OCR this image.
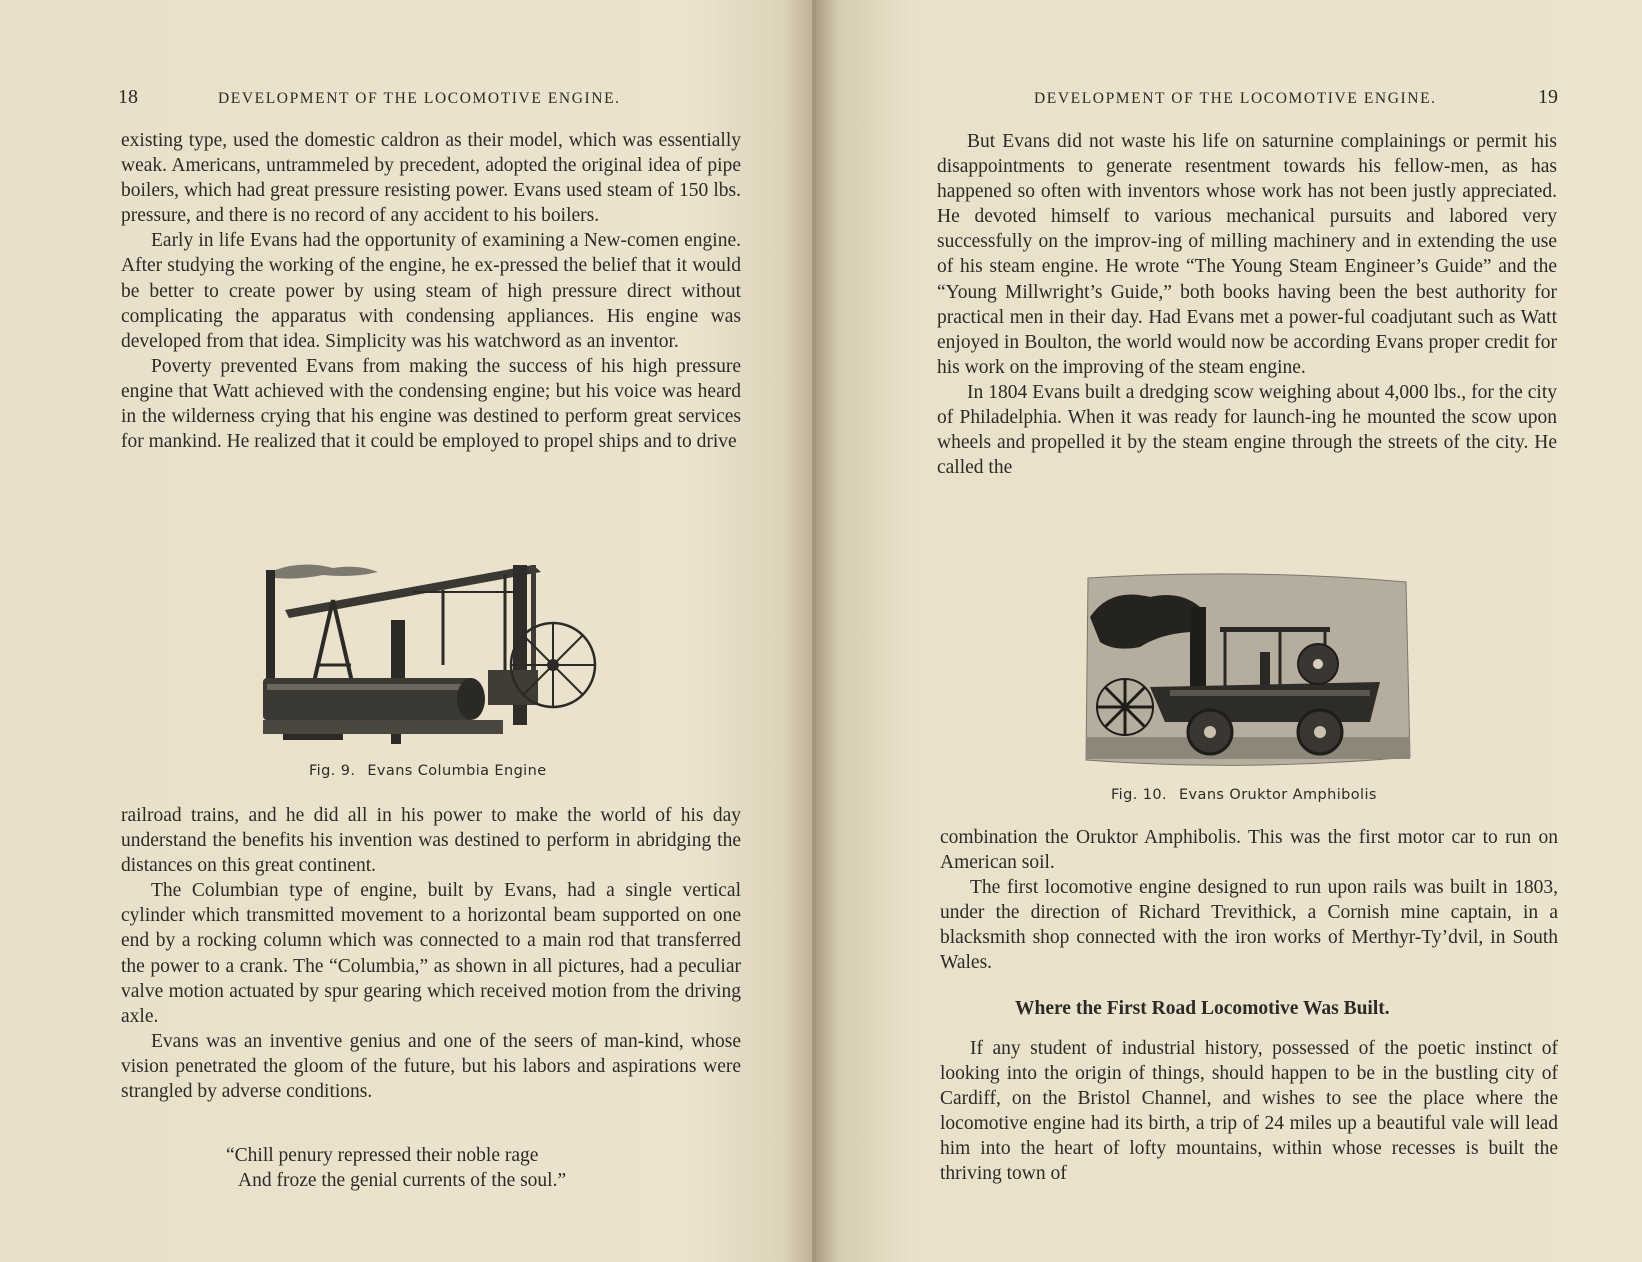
18	DEVELOPMENT OF THE LOCOMOTIVE ENGINE.

existing type, used the domestic caldron as their model, which was essentially weak. Americans, untrammeled by precedent, adopted the original idea of pipe boilers, which had great pressure resisting power. Evans used steam of 150 lbs. pressure, and there is no record of any accident to his boilers.

Early in life Evans had the opportunity of examining a New-comen engine. After studying the working of the engine, he ex-pressed the belief that it would be better to create power by using steam of high pressure direct without complicating the apparatus with condensing appliances. His engine was developed from that idea. Simplicity was his watchword as an inventor.

Poverty prevented Evans from making the success of his high pressure engine that Watt achieved with the condensing engine; but his voice was heard in the wilderness crying that his engine was destined to perform great services for mankind. He realized that it could be employed to propel ships and to drive

Fig. 9. Evans Columbia Engine

railroad trains, and he did all in his power to make the world of his day understand the benefits his invention was destined to perform in abridging the distances on this great continent.

The Columbian type of engine, built by Evans, had a single vertical cylinder which transmitted movement to a horizontal beam supported on one end by a rocking column which was connected to a main rod that transferred the power to a crank. The “Columbia,” as shown in all pictures, had a peculiar valve motion actuated by spur gearing which received motion from the driving axle.

Evans was an inventive genius and one of the seers of man-kind, whose vision penetrated the gloom of the future, but his labors and aspirations were strangled by adverse conditions.

“Chill penury repressed their noble rage
And froze the genial currents of the soul.”
DEVELOPMENT OF THE LOCOMOTIVE ENGINE.	19

But Evans did not waste his life on saturnine complainings or permit his disappointments to generate resentment towards his fellow-men, as has happened so often with inventors whose work has not been justly appreciated. He devoted himself to various mechanical pursuits and labored very successfully on the improv-ing of milling machinery and in extending the use of his steam engine. He wrote “The Young Steam Engineer’s Guide” and the “Young Millwright’s Guide,” both books having been the best authority for practical men in their day. Had Evans met a power-ful coadjutant such as Watt enjoyed in Boulton, the world would now be according Evans proper credit for his work on the improving of the steam engine.

In 1804 Evans built a dredging scow weighing about 4,000 lbs., for the city of Philadelphia. When it was ready for launch-ing he mounted the scow upon wheels and propelled it by the steam engine through the streets of the city. He called the

Fig. 10. Evans Oruktor Amphibolis

combination the Oruktor Amphibolis. This was the first motor car to run on American soil.

The first locomotive engine designed to run upon rails was built in 1803, under the direction of Richard Trevithick, a Cornish mine captain, in a blacksmith shop connected with the iron works of Merthyr-Ty’dvil, in South Wales.

Where the First Road Locomotive Was Built.

If any student of industrial history, possessed of the poetic instinct of looking into the origin of things, should happen to be in the bustling city of Cardiff, on the Bristol Channel, and wishes to see the place where the locomotive engine had its birth, a trip of 24 miles up a beautiful vale will lead him into the heart of lofty mountains, within whose recesses is built the thriving town of
